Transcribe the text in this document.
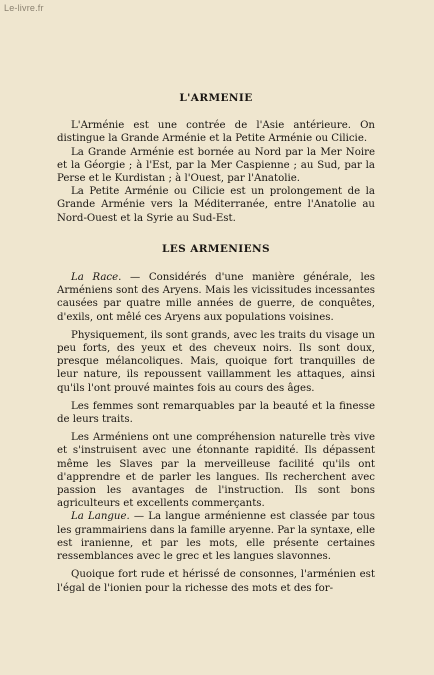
Le-livre.fr
L'ARMENIE

L'Arménie est une contrée de l'Asie antérieure. On distingue la Grande Arménie et la Petite Arménie ou Cilicie.

La Grande Arménie est bornée au Nord par la Mer Noire et la Géorgie ; à l'Est, par la Mer Caspienne ; au Sud, par la Perse et le Kurdistan ; à l'Ouest, par l'Anatolie.

La Petite Arménie ou Cilicie est un prolongement de la Grande Arménie vers la Méditerranée, entre l'Anatolie au Nord-Ouest et la Syrie au Sud-Est.

LES ARMENIENS

La Race. — Considérés d'une manière générale, les Arméniens sont des Aryens. Mais les vicissitudes incessantes causées par quatre mille années de guerre, de conquêtes, d'exils, ont mêlé ces Aryens aux populations voisines.

Physiquement, ils sont grands, avec les traits du visage un peu forts, des yeux et des cheveux noirs. Ils sont doux, presque mélancoliques. Mais, quoique fort tranquilles de leur nature, ils repoussent vaillamment les attaques, ainsi qu'ils l'ont prouvé maintes fois au cours des âges.

Les femmes sont remarquables par la beauté et la finesse de leurs traits.

Les Arméniens ont une compréhension naturelle très vive et s'instruisent avec une étonnante rapidité. Ils dépassent même les Slaves par la merveilleuse facilité qu'ils ont d'apprendre et de parler les langues. Ils recherchent avec passion les avantages de l'instruction. Ils sont bons agriculteurs et excellents commerçants.

La Langue. — La langue arménienne est classée par tous les grammairiens dans la famille aryenne. Par la syntaxe, elle est iranienne, et par les mots, elle présente certaines ressemblances avec le grec et les langues slavonnes.

Quoique fort rude et hérissé de consonnes, l'arménien est l'égal de l'ionien pour la richesse des mots et des for-
